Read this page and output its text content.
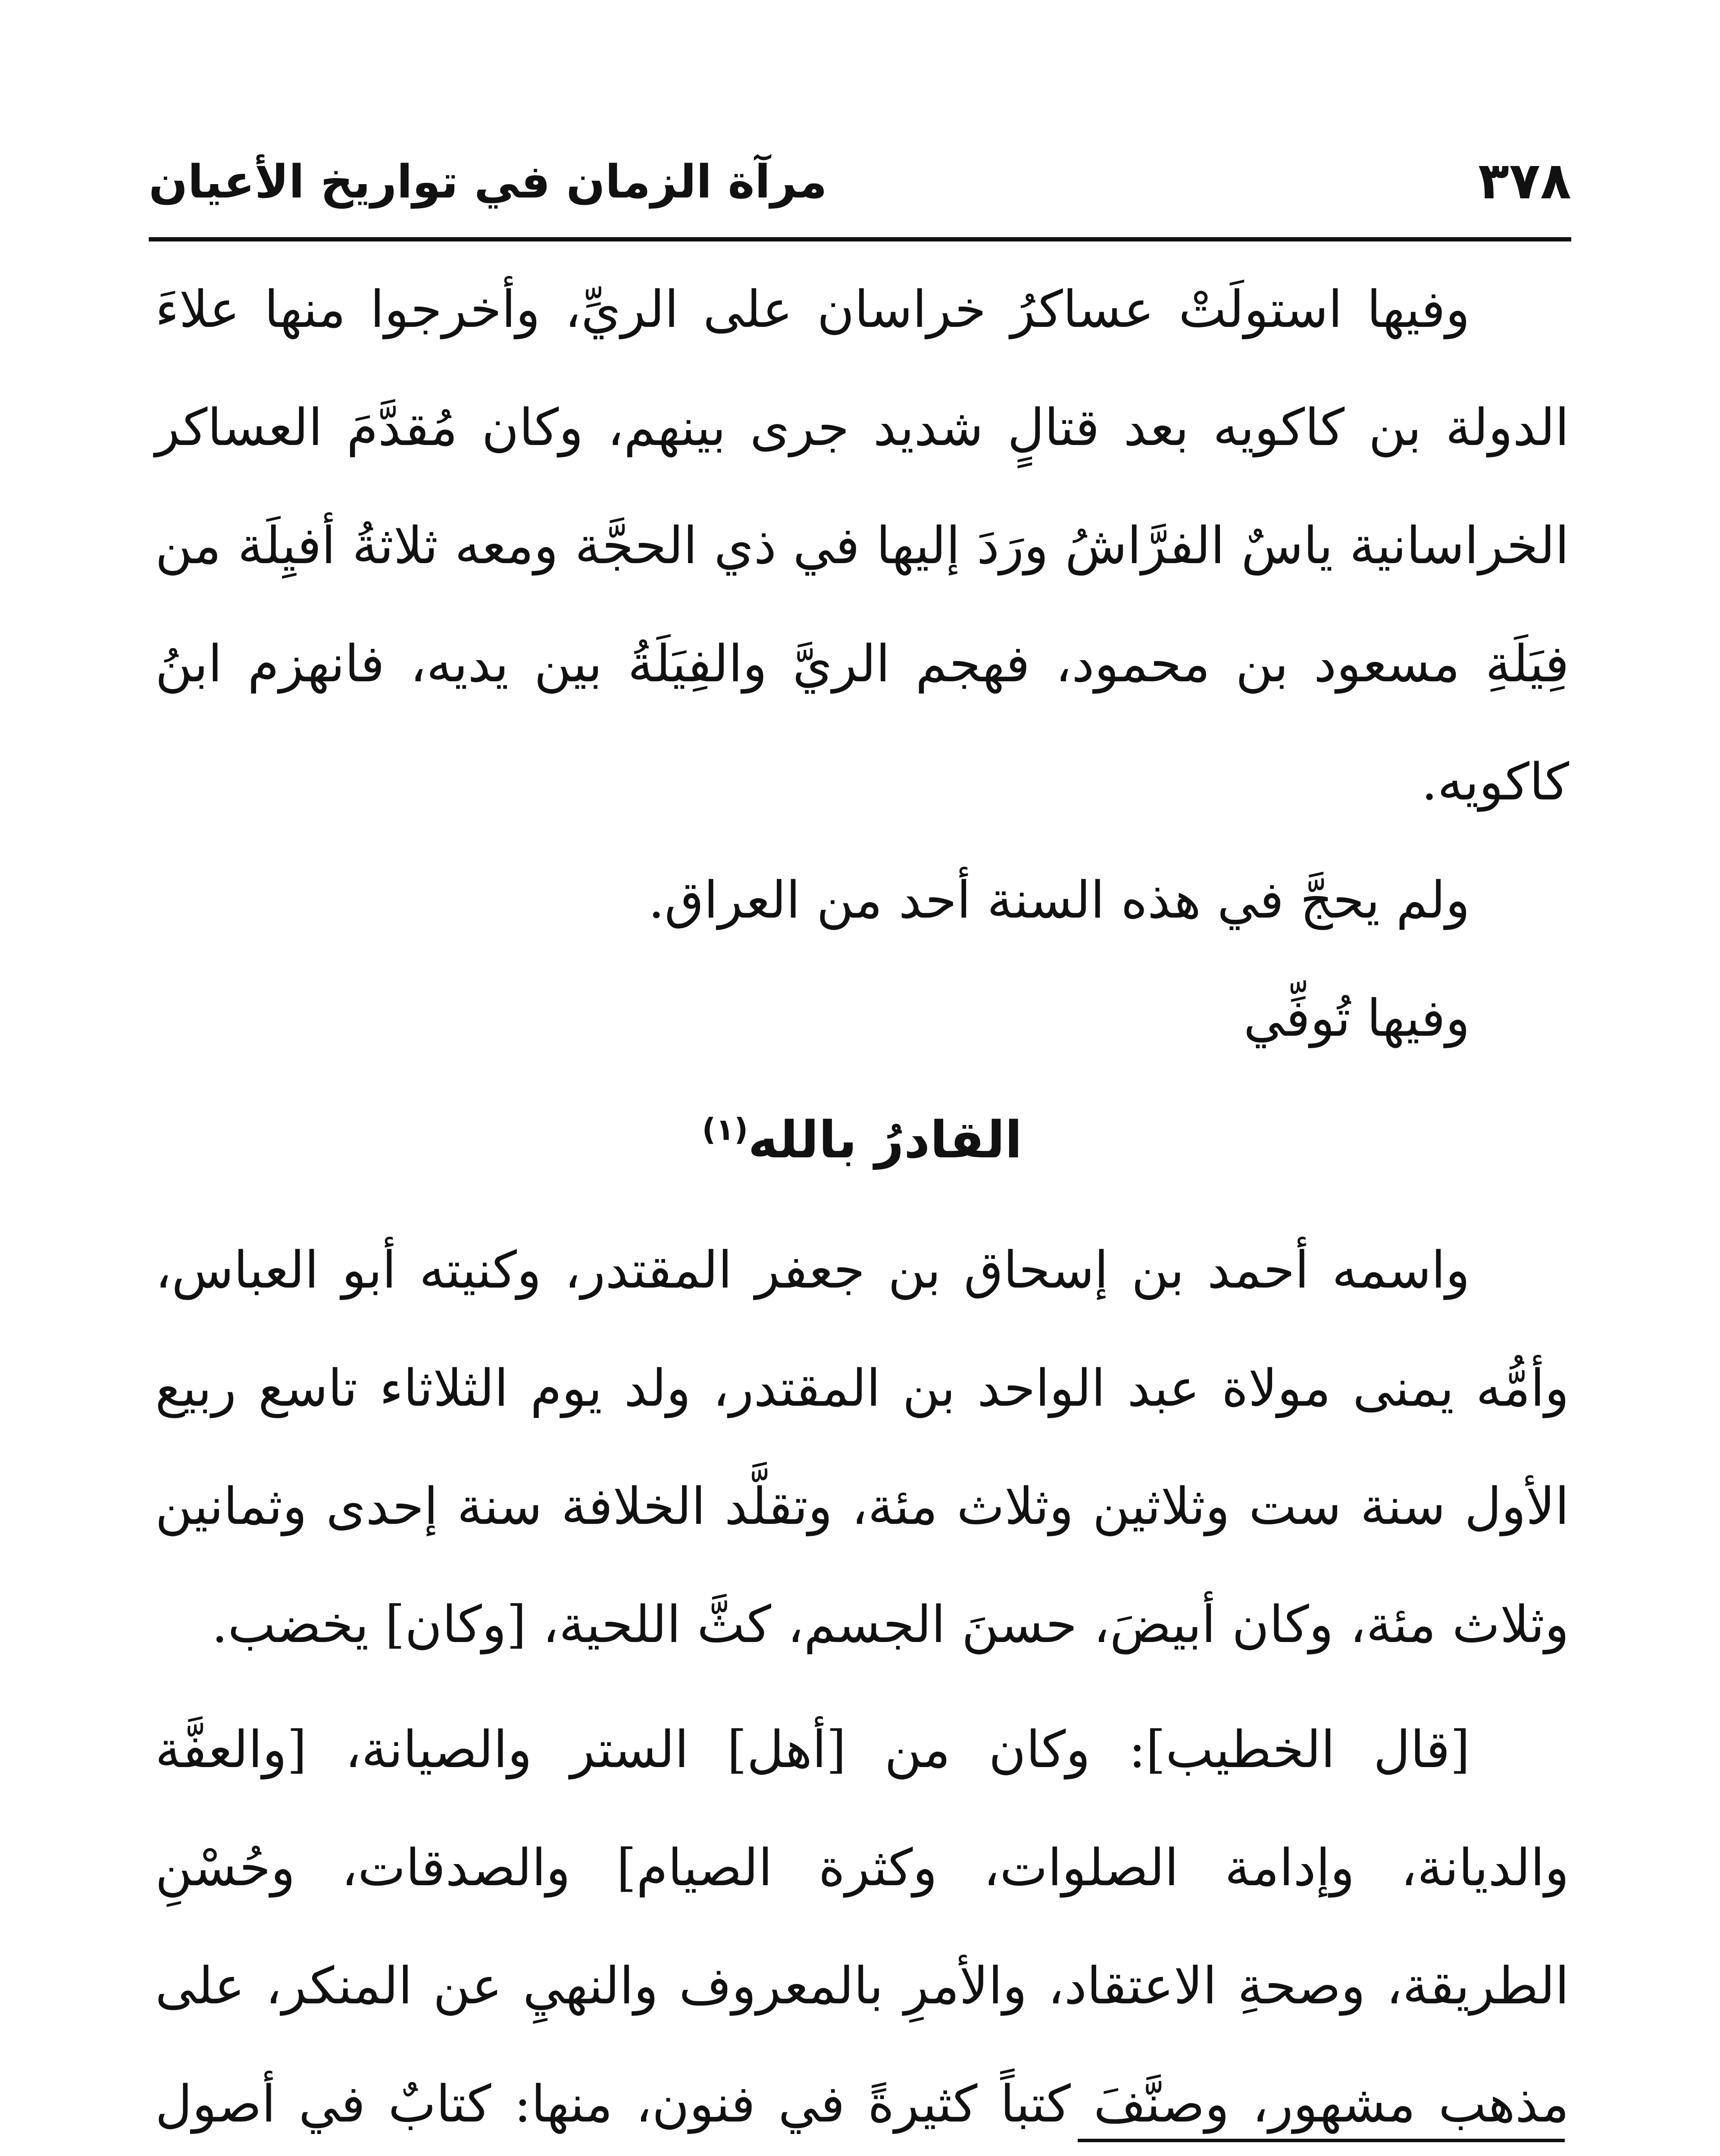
٣٧٨
مرآة الزمان في تواريخ الأعيان

وفيها استولَتْ عساكرُ خراسان على الريِّ، وأخرجوا منها علاءَ الدولة بن كاكويه بعد قتالٍ شديد جرى بينهم، وكان مُقدَّمَ العساكر الخراسانية ياسٌ الفرَّاشُ ورَدَ إليها في ذي الحجَّة ومعه ثلاثةُ أفيِلَة من فِيَلَةِ مسعود بن محمود، فهجم الريَّ والفِيَلَةُ بين يديه، فانهزم ابنُ كاكويه.

ولم يحجَّ في هذه السنة أحد من العراق.

وفيها تُوفِّي

القادرُ بالله$^{(١)}$

واسمه أحمد بن إسحاق بن جعفر المقتدر، وكنيته أبو العباس، وأمُّه يمنى مولاة عبد الواحد بن المقتدر، ولد يوم الثلاثاء تاسع ربيع الأول سنة ست وثلاثين وثلاث مئة، وتقلَّد الخلافة سنة إحدى وثمانين وثلاث مئة، وكان أبيضَ، حسنَ الجسم، كثَّ اللحية، [وكان] يخضب.

[قال الخطيب]: وكان من [أهل] الستر والصيانة، [والعفَّة والديانة، وإدامة الصلوات، وكثرة الصيام] والصدقات، وحُسْنِ الطريقة، وصحةِ الاعتقاد، والأمرِ بالمعروف والنهيِ عن المنكر، على مذهب مشهور، وصنَّفَ كتباً كثيرةً في فنون، منها: كتابٌ في أصول
